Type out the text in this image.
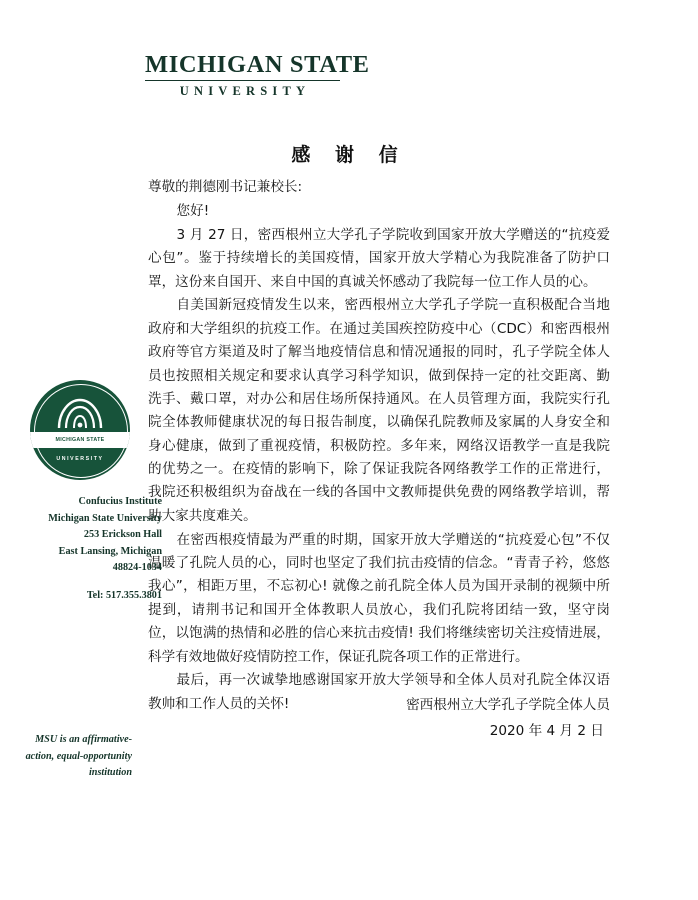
MICHIGAN STATE
UNIVERSITY
感 谢 信

尊敬的荆德刚书记兼校长:

您好!

3 月 27 日，密西根州立大学孔子学院收到国家开放大学赠送的“抗疫爱心包”。鉴于持续增长的美国疫情，国家开放大学精心为我院准备了防护口罩，这份来自国开、来自中国的真诚关怀感动了我院每一位工作人员的心。

自美国新冠疫情发生以来，密西根州立大学孔子学院一直积极配合当地政府和大学组织的抗疫工作。在通过美国疾控防疫中心（CDC）和密西根州政府等官方渠道及时了解当地疫情信息和情况通报的同时，孔子学院全体人员也按照相关规定和要求认真学习科学知识，做到保持一定的社交距离、勤洗手、戴口罩，对办公和居住场所保持通风。在人员管理方面，我院实行孔院全体教师健康状况的每日报告制度，以确保孔院教师及家属的人身安全和身心健康，做到了重视疫情，积极防控。多年来，网络汉语教学一直是我院的优势之一。在疫情的影响下，除了保证我院各网络教学工作的正常进行，我院还积极组织为奋战在一线的各国中文教师提供免费的网络教学培训，帮助大家共度难关。

在密西根疫情最为严重的时期，国家开放大学赠送的“抗疫爱心包”不仅温暖了孔院人员的心，同时也坚定了我们抗击疫情的信念。“青青子衿，悠悠我心”，相距万里，不忘初心! 就像之前孔院全体人员为国开录制的视频中所提到，请荆书记和国开全体教职人员放心，我们孔院将团结一致，坚守岗位，以饱满的热情和必胜的信心来抗击疫情! 我们将继续密切关注疫情进展，科学有效地做好疫情防控工作，保证孔院各项工作的正常进行。

最后，再一次诚挚地感谢国家开放大学领导和全体人员对孔院全体汉语教帅和工作人员的关怀!	密西根州立大学孔子学院全体人员
2020 年 4 月 2 日
MICHIGAN STATE
UNIVERSITY
Confucius Institute
Michigan State University
253 Erickson Hall
East Lansing, Michigan
48824-1034
Tel: 517.355.3801
MSU is an affirmative-
action, equal-opportunity
institution
